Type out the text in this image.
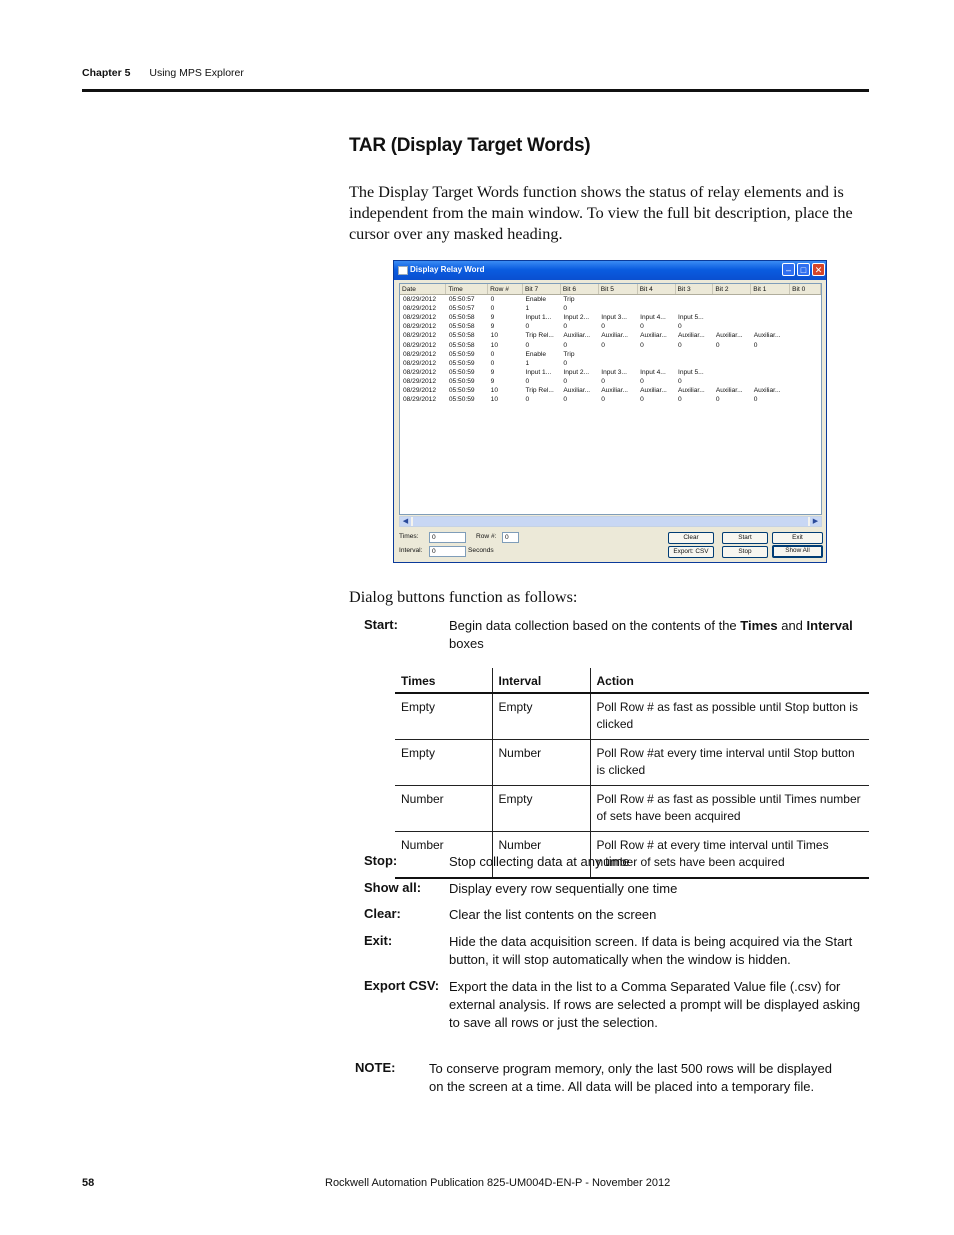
Chapter 5 Using MPS Explorer
TAR (Display Target Words)
The Display Target Words function shows the status of relay elements and is independent from the main window. To view the full bit description, place the cursor over any masked heading.
Display Relay Word	–	□ ✕
Date	Time	Row #	Bit 7	Bit 6	Bit 5	Bit 4	Bit 3	Bit 2	Bit 1	Bit 0
08/29/2012	05:50:57	0	Enable	Trip						
08/29/2012	05:50:57	0	1	0						
08/29/2012	05:50:58	9	Input 1...	Input 2...	Input 3...	Input 4...	Input 5...			
08/29/2012	05:50:58	9	0	0	0	0	0			
08/29/2012	05:50:58	10	Trip Rel...	Auxiliar...	Auxiliar...	Auxiliar...	Auxiliar...	Auxiliar...	Auxiliar...	
08/29/2012	05:50:58	10	0	0	0	0	0	0	0	
08/29/2012	05:50:59	0	Enable	Trip						
08/29/2012	05:50:59	0	1	0						
08/29/2012	05:50:59	9	Input 1...	Input 2...	Input 3...	Input 4...	Input 5...			
08/29/2012	05:50:59	9	0	0	0	0	0			
08/29/2012	05:50:59	10	Trip Rel...	Auxiliar...	Auxiliar...	Auxiliar...	Auxiliar...	Auxiliar...	Auxiliar...	
08/29/2012	05:50:59	10	0	0	0	0	0	0	0	
◀	▶
Times:	0	Row #:	0
Interval:	0	Seconds
Clear	Start	Exit
Export: CSV	Stop	Show All
Dialog buttons function as follows:
Start:	Begin data collection based on the contents of the Times and Interval boxes
Times	Interval	Action
Empty	Empty	Poll Row # as fast as possible until Stop button is clicked
Empty	Number	Poll Row #at every time interval until Stop button is clicked
Number	Empty	Poll Row # as fast as possible until Times number of sets have been acquired
Number	Number	Poll Row # at every time interval until Times number of sets have been acquired
Stop:	Stop collecting data at any time
Show all: Display every row sequentially one time
Clear:	Clear the list contents on the screen
Exit:	Hide the data acquisition screen. If data is being acquired via the Start button, it will stop automatically when the window is hidden.
Export CSV: Export the data in the list to a Comma Separated Value file (.csv) for external analysis. If rows are selected a prompt will be displayed asking to save all rows or just the selection.
NOTE:	To conserve program memory, only the last 500 rows will be displayed on the screen at a time. All data will be placed into a temporary file.
58	Rockwell Automation Publication 825-UM004D-EN-P - November 2012
